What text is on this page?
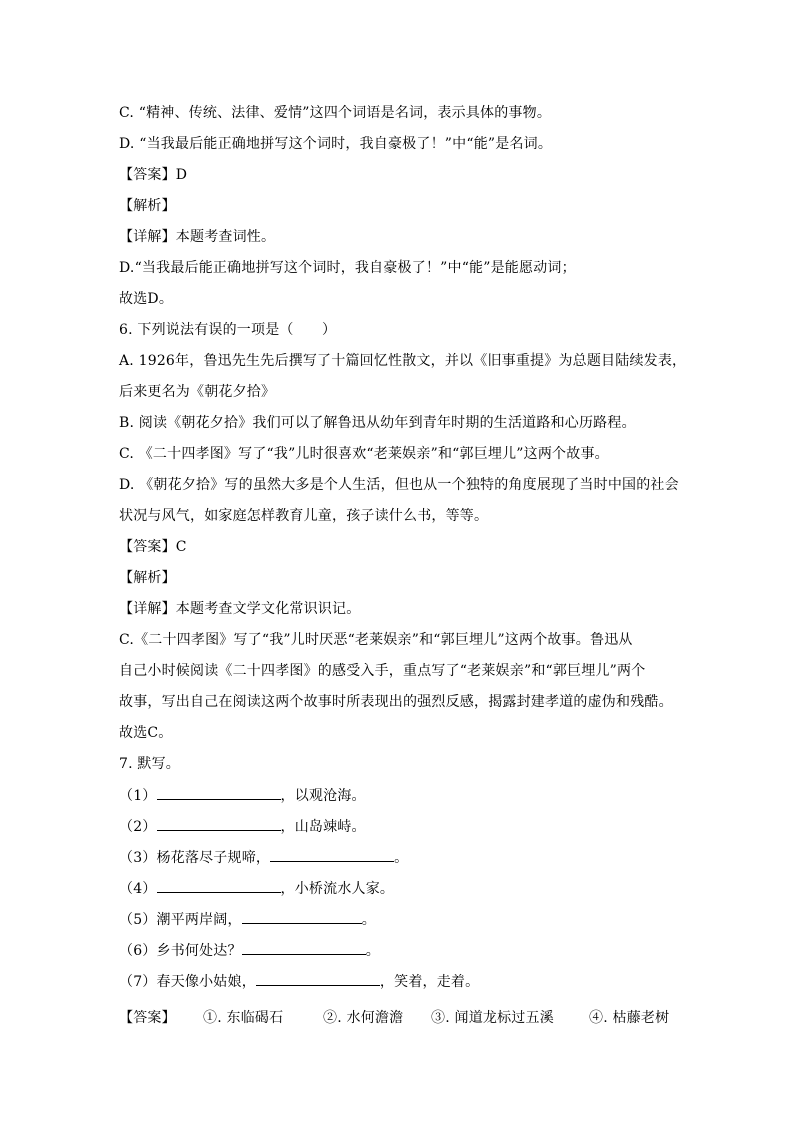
C. “精神、传统、法律、爱情”这四个词语是名词，表示具体的事物。
D. “当我最后能正确地拼写这个词时，我自豪极了！”中“能”是名词。
【答案】D
【解析】
【详解】本题考查词性。
D.“当我最后能正确地拼写这个词时，我自豪极了！”中“能”是能愿动词；
故选D。
6. 下列说法有误的一项是（　　）
A. 1926年，鲁迅先生先后撰写了十篇回忆性散文，并以《旧事重提》为总题目陆续发表，
后来更名为《朝花夕拾》
B. 阅读《朝花夕拾》我们可以了解鲁迅从幼年到青年时期的生活道路和心历路程。
C. 《二十四孝图》写了“我”儿时很喜欢“老莱娱亲”和“郭巨埋儿”这两个故事。
D. 《朝花夕拾》写的虽然大多是个人生活，但也从一个独特的角度展现了当时中国的社会
状况与风气，如家庭怎样教育儿童，孩子读什么书，等等。
【答案】C
【解析】
【详解】本题考查文学文化常识识记。
C.《二十四孝图》写了“我”儿时厌恶“老莱娱亲”和“郭巨埋儿”这两个故事。鲁迅从
自己小时候阅读《二十四孝图》的感受入手，重点写了“老莱娱亲”和“郭巨埋儿”两个
故事，写出自己在阅读这两个故事时所表现出的强烈反感，揭露封建孝道的虚伪和残酷。
故选C。
7. 默写。
（1）	，以观沧海。
（2）	，山岛竦峙。
（3）杨花落尽子规啼，	。
（4）	，小桥流水人家。
（5）潮平两岸阔，	。
（6）乡书何处达？	。
（7）春天像小姑娘，	，笑着，走着。
【答案】 ①. 东临碣石	②. 水何澹澹 ③. 闻道龙标过五溪	④. 枯藤老树
